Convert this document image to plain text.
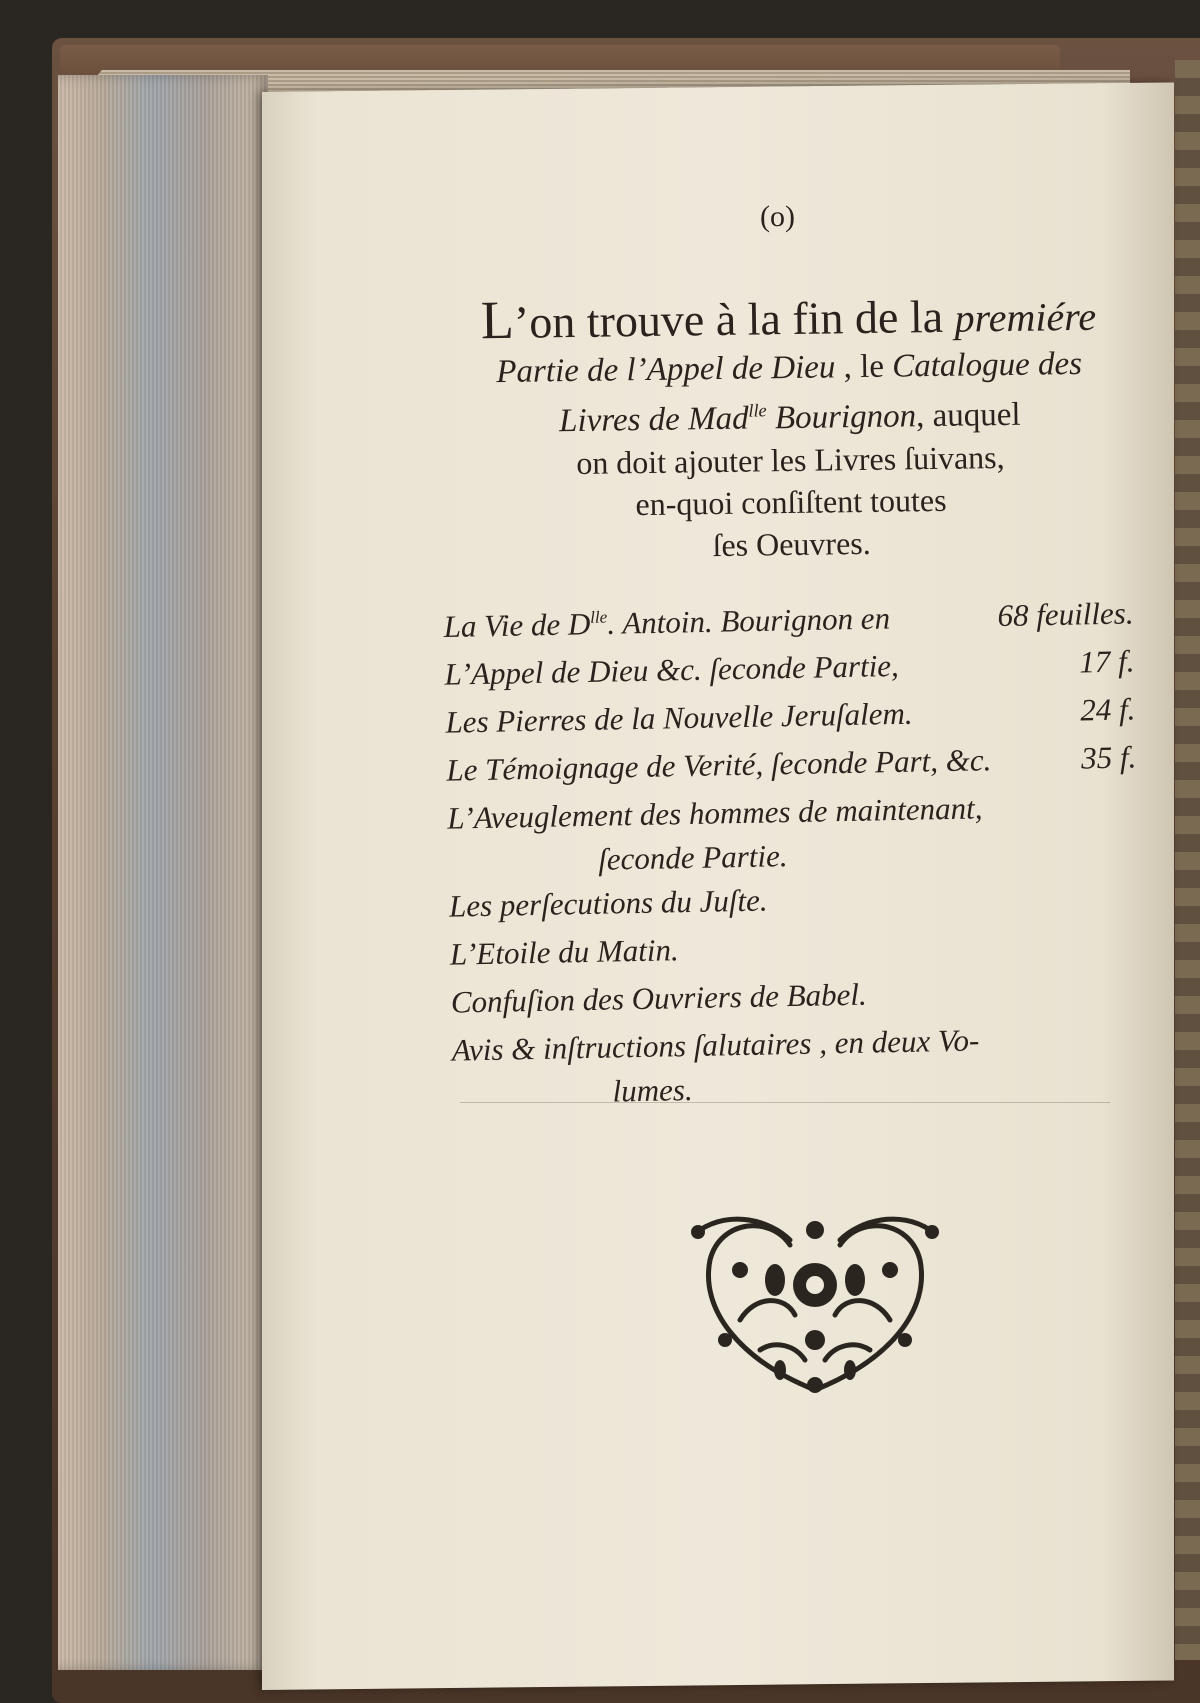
(o)
L’on trouve à la fin de la premiére
Partie de l’Appel de Dieu , le Catalogue des
Livres de Mad$^{lle}$ Bourignon, auquel
on doit ajouter les Livres ſuivans,
en-quoi conſiſtent toutes
ſes Oeuvres.
La Vie de $D^{lle}$. Antoin. Bourignon en	68 feuilles.
L’Appel de Dieu &c. ſeconde Partie,	17 f.
Les Pierres de la Nouvelle Jeruſalem.	24 f.
Le Témoignage de Verité, ſeconde Part, &c.	35 f.
L’Aveuglement des hommes de maintenant,
ſeconde Partie.
Les perſecutions du Juſte.
L’Etoile du Matin.
Confuſion des Ouvriers de Babel.
Avis & inſtructions ſalutaires , en deux Vo-
lumes.
